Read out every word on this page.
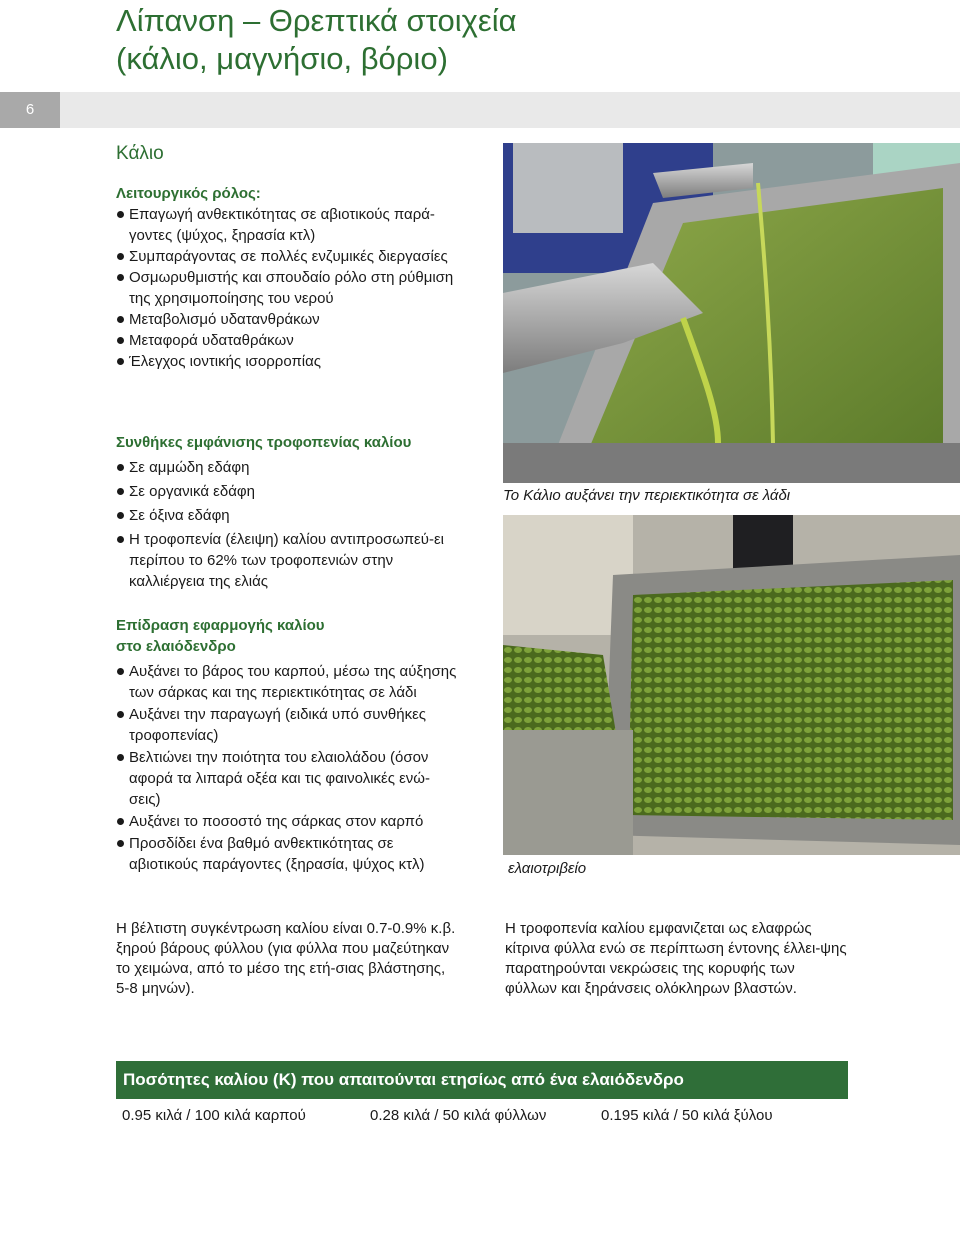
Λίπανση – Θρεπτικά στοιχεία
(κάλιο, μαγνήσιο, βόριο)
6
Κάλιο
Λειτουργικός ρόλος:
Επαγωγή ανθεκτικότητας σε αβιοτικούς παρά-γοντες (ψύχος, ξηρασία κτλ)
Συμπαράγοντας σε πολλές ενζυμικές διεργασίες
Οσμωρυθμιστής και σπουδαίο ρόλο στη ρύθμιση της χρησιμοποίησης του νερού
Μεταβολισμό υδατανθράκων
Μεταφορά υδαταθράκων
Έλεγχος ιοντικής ισορροπίας
Συνθήκες εμφάνισης τροφοπενίας καλίου
Σε αμμώδη εδάφη
Σε οργανικά εδάφη
Σε όξινα εδάφη
Η τροφοπενία (έλειψη) καλίου αντιπροσωπεύ-ει περίπου το 62% των τροφοπενιών στην καλλιέργεια της ελιάς
Επίδραση εφαρμογής καλίου
στο ελαιόδενδρο
Αυξάνει το βάρος του καρπού, μέσω της αύξησης των σάρκας και της περιεκτικότητας σε λάδι
Αυξάνει την παραγωγή (ειδικά υπό συνθήκες τροφοπενίας)
Βελτιώνει την ποιότητα του ελαιολάδου (όσον αφορά τα λιπαρά οξέα και τις φαινολικές ενώ-σεις)
Αυξάνει το ποσοστό της σάρκας στον καρπό
Προσδίδει ένα βαθμό ανθεκτικότητας σε αβιοτικούς παράγοντες (ξηρασία, ψύχος κτλ)

Η βέλτιστη συγκέντρωση καλίου είναι 0.7-0.9% κ.β. ξηρού βάρους φύλλου (για φύλλα που μαζεύτηκαν το χειμώνα, από το μέσο της ετή-σιας βλάστησης, 5-8 μηνών).

Η τροφοπενία καλίου εμφανιζεται ως ελαφρώς κίτρινα φύλλα ενώ σε περίπτωση έντονης έλλει-ψης παρατηρούνται νεκρώσεις της κορυφής των φύλλων και ξηράνσεις ολόκληρων βλαστών.

Το Κάλιο αυξάνει την περιεκτικότητα σε λάδι

ελαιοτριβείο

Ποσότητες καλίου (Κ) που απαιτούνται ετησίως από ένα ελαιόδενδρο
0.95 κιλά / 100 κιλά καρπού	0.28 κιλά / 50 κιλά φύλλων	0.195 κιλά / 50 κιλά ξύλου
